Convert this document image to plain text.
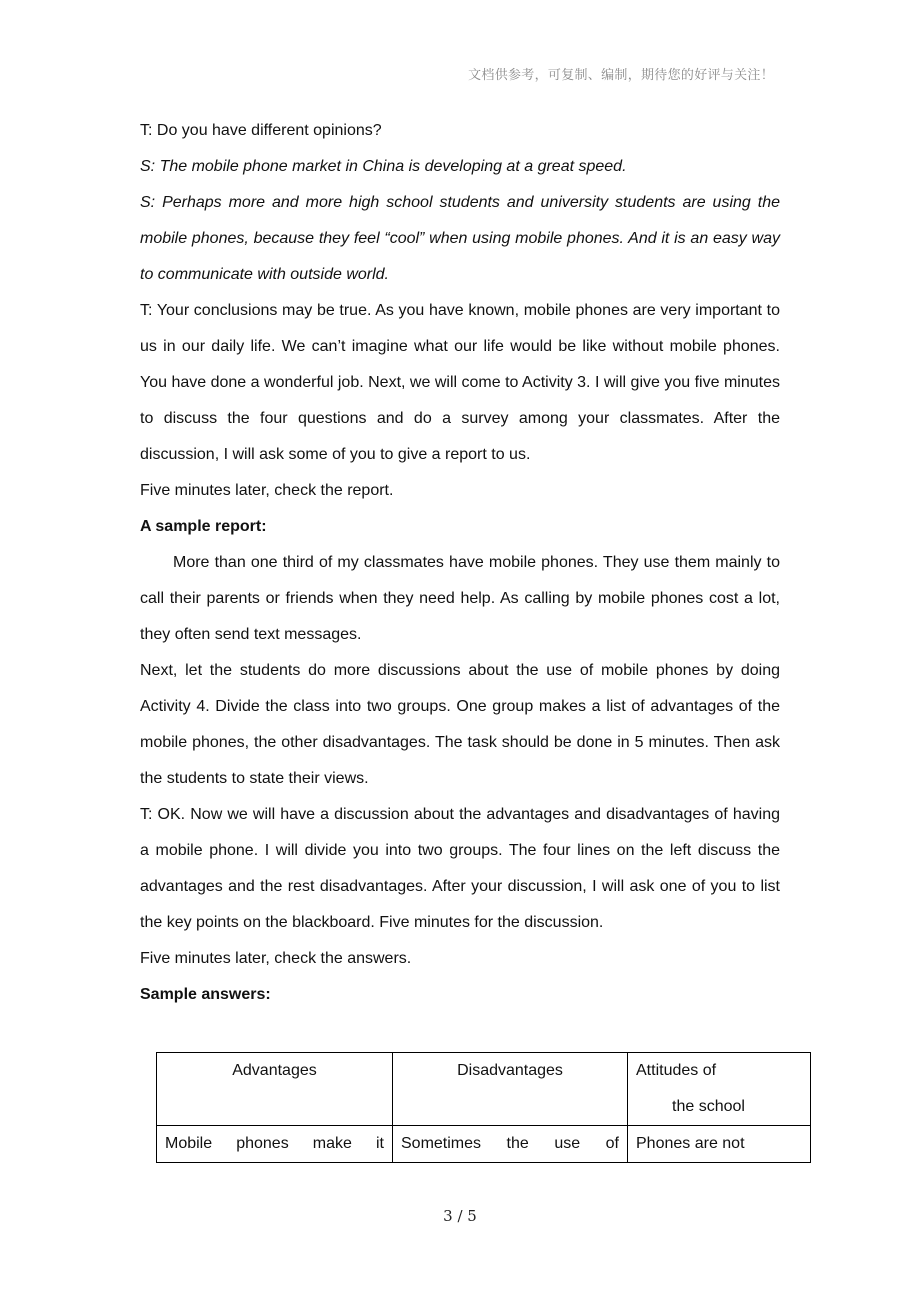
文档供参考，可复制、编制，期待您的好评与关注！

T: Do you have different opinions?

S: The mobile phone market in China is developing at a great speed.

S: Perhaps more and more high school students and university students are using the mobile phones, because they feel “cool” when using mobile phones. And it is an easy way to communicate with outside world.

T: Your conclusions may be true. As you have known, mobile phones are very important to us in our daily life. We can’t imagine what our life would be like without mobile phones. You have done a wonderful job. Next, we will come to Activity 3. I will give you five minutes to discuss the four questions and do a survey among your classmates. After the discussion, I will ask some of you to give a report to us.

Five minutes later, check the report.

A sample report:

More than one third of my classmates have mobile phones. They use them mainly to call their parents or friends when they need help. As calling by mobile phones cost a lot, they often send text messages.

Next, let the students do more discussions about the use of mobile phones by doing Activity 4. Divide the class into two groups. One group makes a list of advantages of the mobile phones, the other disadvantages. The task should be done in 5 minutes. Then ask the students to state their views.

T: OK. Now we will have a discussion about the advantages and disadvantages of having a mobile phone. I will divide you into two groups. The four lines on the left discuss the advantages and the rest disadvantages. After your discussion, I will ask one of you to list the key points on the blackboard. Five minutes for the discussion.

Five minutes later, check the answers.

Sample answers:

Advantages	Disadvantages	Attitudes of
the school

Mobile phones make it	Sometimes the use of	Phones are not
3 / 5
